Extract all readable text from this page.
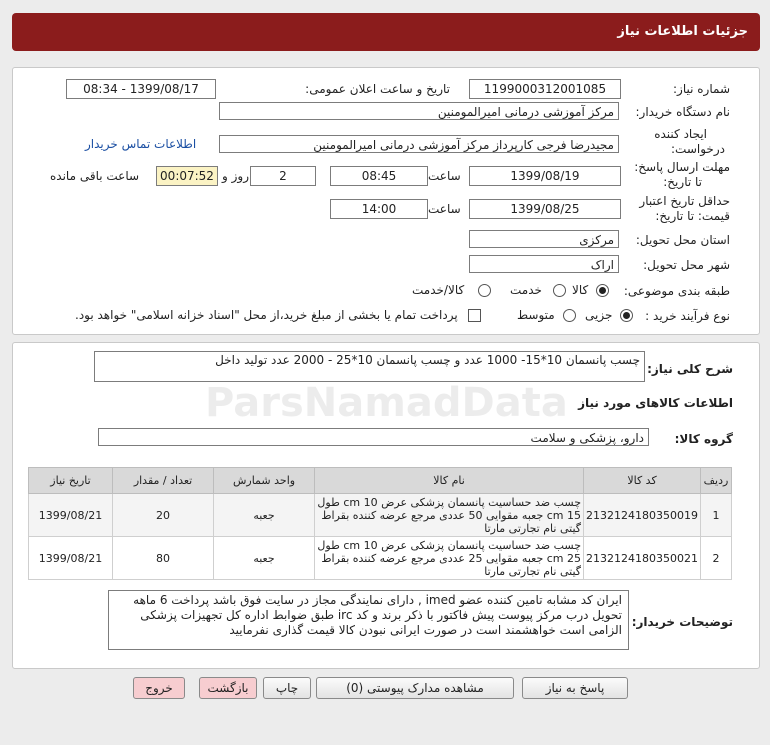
جزئیات اطلاعات نیاز
شماره نیاز:
1199000312001085
تاریخ و ساعت اعلان عمومی:
1399/08/17 - 08:34
نام دستگاه خریدار:
مرکز آموزشی درمانی امیرالمومنین
ایجاد کننده
درخواست:
مجیدرضا فرجی کارپرداز مرکز آموزشی درمانی امیرالمومنین
اطلاعات تماس خریدار
مهلت ارسال پاسخ:
تا تاریخ:
1399/08/19
ساعت
08:45
2
روز و
00:07:52
ساعت باقی مانده
حداقل تاریخ اعتبار
قیمت: تا تاریخ:
1399/08/25
ساعت
14:00
استان محل تحویل:
مرکزی
شهر محل تحویل:
اراک
طبقه بندی موضوعی:
کالا
خدمت
کالا/خدمت
نوع فرآیند خرید :
جزیی
متوسط
پرداخت تمام یا بخشی از مبلغ خرید،از محل "اسناد خزانه اسلامی" خواهد بود.
شرح کلی نیاز:
چسب پانسمان 10*15- 1000 عدد و چسب پانسمان 10*25 - 2000 عدد تولید داخل
اطلاعات کالاهای مورد نیاز
گروه کالا:
دارو، پزشکی و سلامت
ردیف	کد کالا	نام کالا	واحد شمارش	تعداد / مقدار	تاریخ نیاز
1	2132124180350019	چسب ضد حساسیت پانسمان پزشکی عرض cm 10 طول cm 15 جعبه مقوایی 50 عددی مرجع عرضه کننده بقراط گیتی نام تجارتی مارتا	جعبه	20	1399/08/21
2	2132124180350021	چسب ضد حساسیت پانسمان پزشکی عرض cm 10 طول cm 25 جعبه مقوایی 25 عددی مرجع عرضه کننده بقراط گیتی نام تجارتی مارتا	جعبه	80	1399/08/21
توضیحات خریدار:
ایران کد مشابه تامین کننده عضو imed , دارای نمایندگی مجاز در سایت فوق باشد پرداخت 6 ماهه تحویل درب مرکز پیوست پیش فاکتور با ذکر برند و کد irc طبق ضوابط اداره کل تجهیزات پزشکی الزامی است خواهشمند است در صورت ایرانی نبودن کالا قیمت گذاری نفرمایید
ParsNamadData
پاسخ به نیاز
مشاهده مدارک پیوستی (0)
چاپ
بازگشت
خروج
